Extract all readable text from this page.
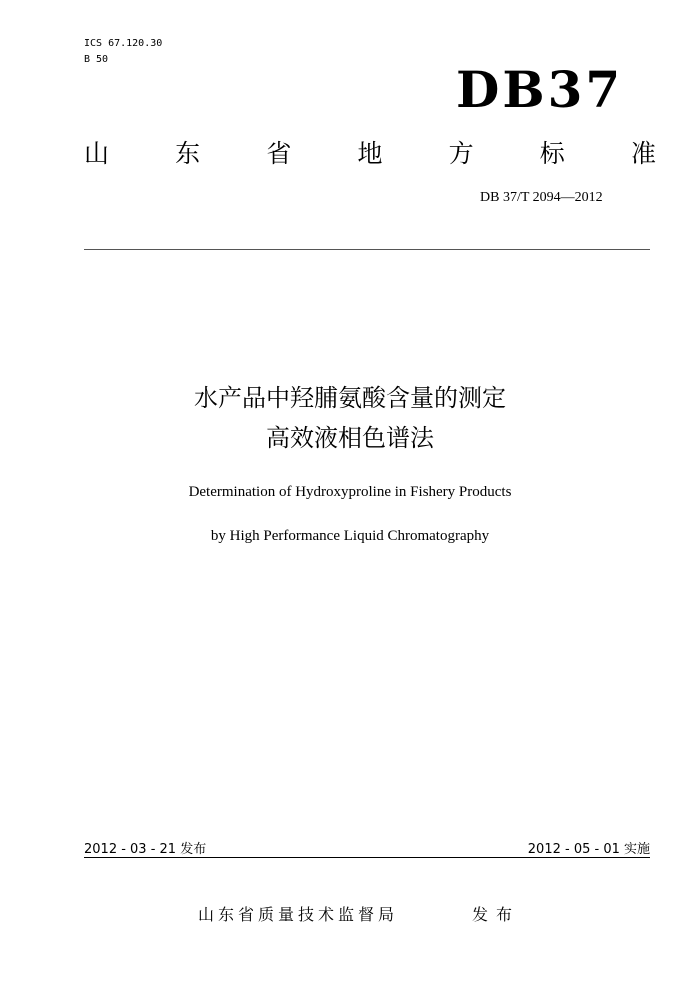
ICS 67.120.30
B 50
DB37
山	东	省	地	方	标	准
DB 37/T 2094—2012
水产品中羟脯氨酸含量的测定
高效液相色谱法
Determination of Hydroxyproline in Fishery Products
by High Performance Liquid Chromatography
2012 - 03 - 21 发布	2012 - 05 - 01 实施
山东省质量技术监督局	发布
